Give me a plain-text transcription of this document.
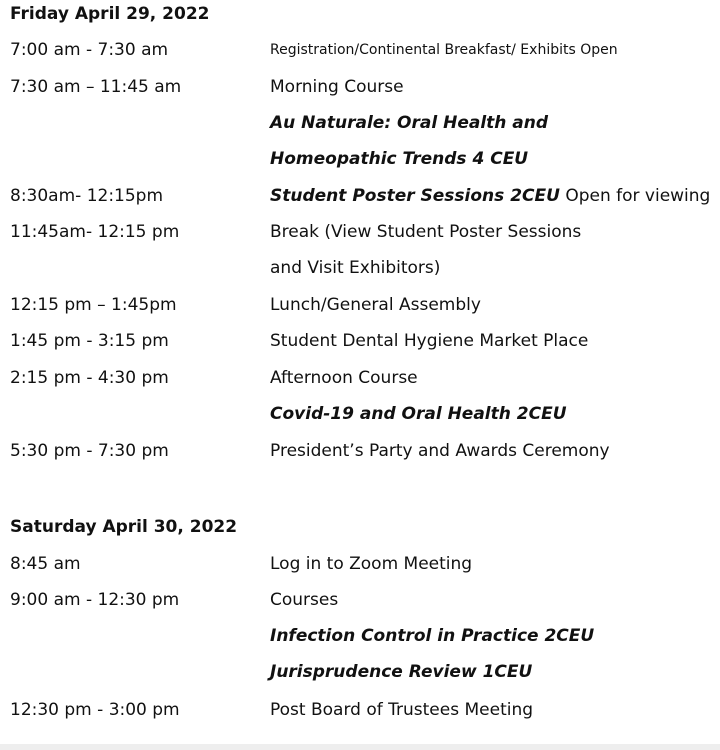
Friday April 29, 2022
7:00 am - 7:30 am	Registration/Continental Breakfast/ Exhibits Open
7:30 am – 11:45 am	Morning Course
Au Naturale: Oral Health and
Homeopathic Trends 4 CEU
8:30am- 12:15pm	Student Poster Sessions 2CEU Open for viewing
11:45am- 12:15 pm	Break (View Student Poster Sessions
and Visit Exhibitors)
12:15 pm – 1:45pm	Lunch/General Assembly
1:45 pm - 3:15 pm	Student Dental Hygiene Market Place
2:15 pm - 4:30 pm	Afternoon Course
Covid-19 and Oral Health 2CEU
5:30 pm - 7:30 pm	President’s Party and Awards Ceremony
Saturday April 30, 2022
8:45 am	Log in to Zoom Meeting
9:00 am - 12:30 pm	Courses
Infection Control in Practice 2CEU
Jurisprudence Review 1CEU
12:30 pm - 3:00 pm	Post Board of Trustees Meeting
